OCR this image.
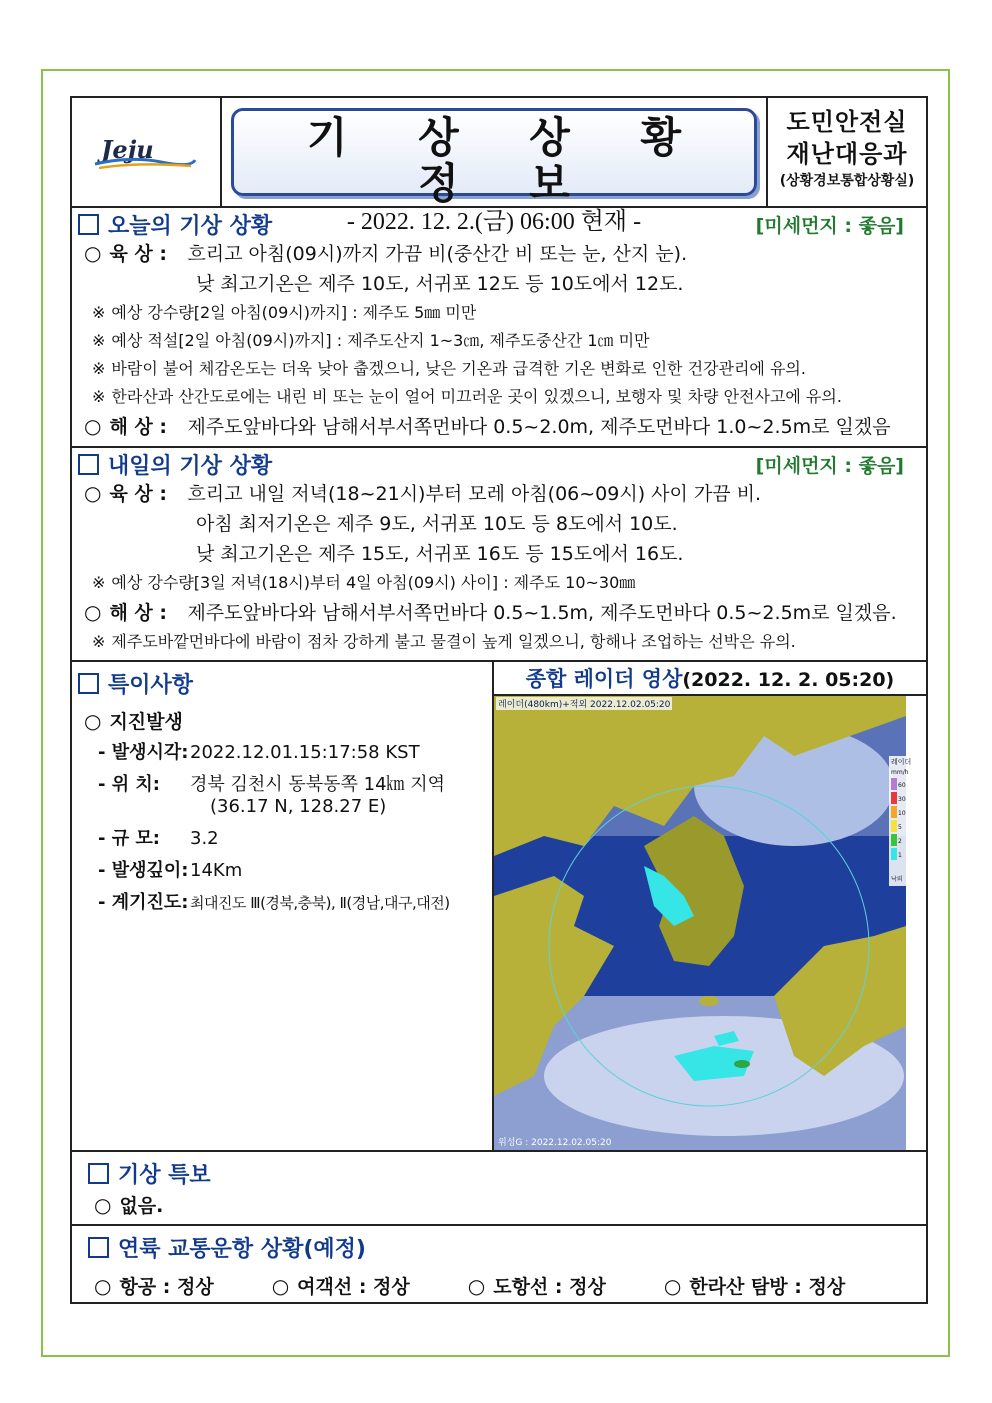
Jeju	기 상 상 황 정 보
- 2022. 12. 2.(금) 06:00 현재 -
도민안전실
재난대응과
(상황경보통합상황실)
오늘의 기상 상황	[미세먼지 : 좋음]
○ 육 상 : 흐리고 아침(09시)까지 가끔 비(중산간 비 또는 눈, 산지 눈).
낮 최고기온은 제주 10도, 서귀포 12도 등 10도에서 12도.
※ 예상 강수량[2일 아침(09시)까지] : 제주도 5㎜ 미만
※ 예상 적설[2일 아침(09시)까지] : 제주도산지 1~3㎝, 제주도중산간 1㎝ 미만
※ 바람이 불어 체감온도는 더욱 낮아 춥겠으니, 낮은 기온과 급격한 기온 변화로 인한 건강관리에 유의.
※ 한라산과 산간도로에는 내린 비 또는 눈이 얼어 미끄러운 곳이 있겠으니, 보행자 및 차량 안전사고에 유의.
○ 해 상 : 제주도앞바다와 남해서부서쪽먼바다 0.5~2.0m, 제주도먼바다 1.0~2.5m로 일겠음
내일의 기상 상황	[미세먼지 : 좋음]
○ 육 상 : 흐리고 내일 저녁(18~21시)부터 모레 아침(06~09시) 사이 가끔 비.
아침 최저기온은 제주 9도, 서귀포 10도 등 8도에서 10도.
낮 최고기온은 제주 15도, 서귀포 16도 등 15도에서 16도.
※ 예상 강수량[3일 저녁(18시)부터 4일 아침(09시) 사이] : 제주도 10~30㎜
○ 해 상 : 제주도앞바다와 남해서부서쪽먼바다 0.5~1.5m, 제주도먼바다 0.5~2.5m로 일겠음.
※ 제주도바깥먼바다에 바람이 점차 강하게 불고 물결이 높게 일겠으니, 항해나 조업하는 선박은 유의.
특이사항
○ 지진발생
- 발생시각: 2022.12.01.15:17:58 KST
- 위 치:	경북 김천시 동북동쪽 14㎞ 지역
(36.17 N, 128.27 E)
- 규 모:	3.2
- 발생깊이: 14Km
- 계기진도: 최대진도 Ⅲ(경북,충북), Ⅱ(경남,대구,대전)
종합 레이더 영상(2022. 12. 2. 05:20)
레이더
mm/h
60
30
10
5
2
1
낙뢰
레이더(480km)+적외 2022.12.02.05:20
위성G : 2022.12.02.05:20
기상 특보
○ 없음.
연륙 교통운항 상황(예정)
○ 항공 : 정상	○ 여객선 : 정상	○ 도항선 : 정상	○ 한라산 탐방 : 정상
